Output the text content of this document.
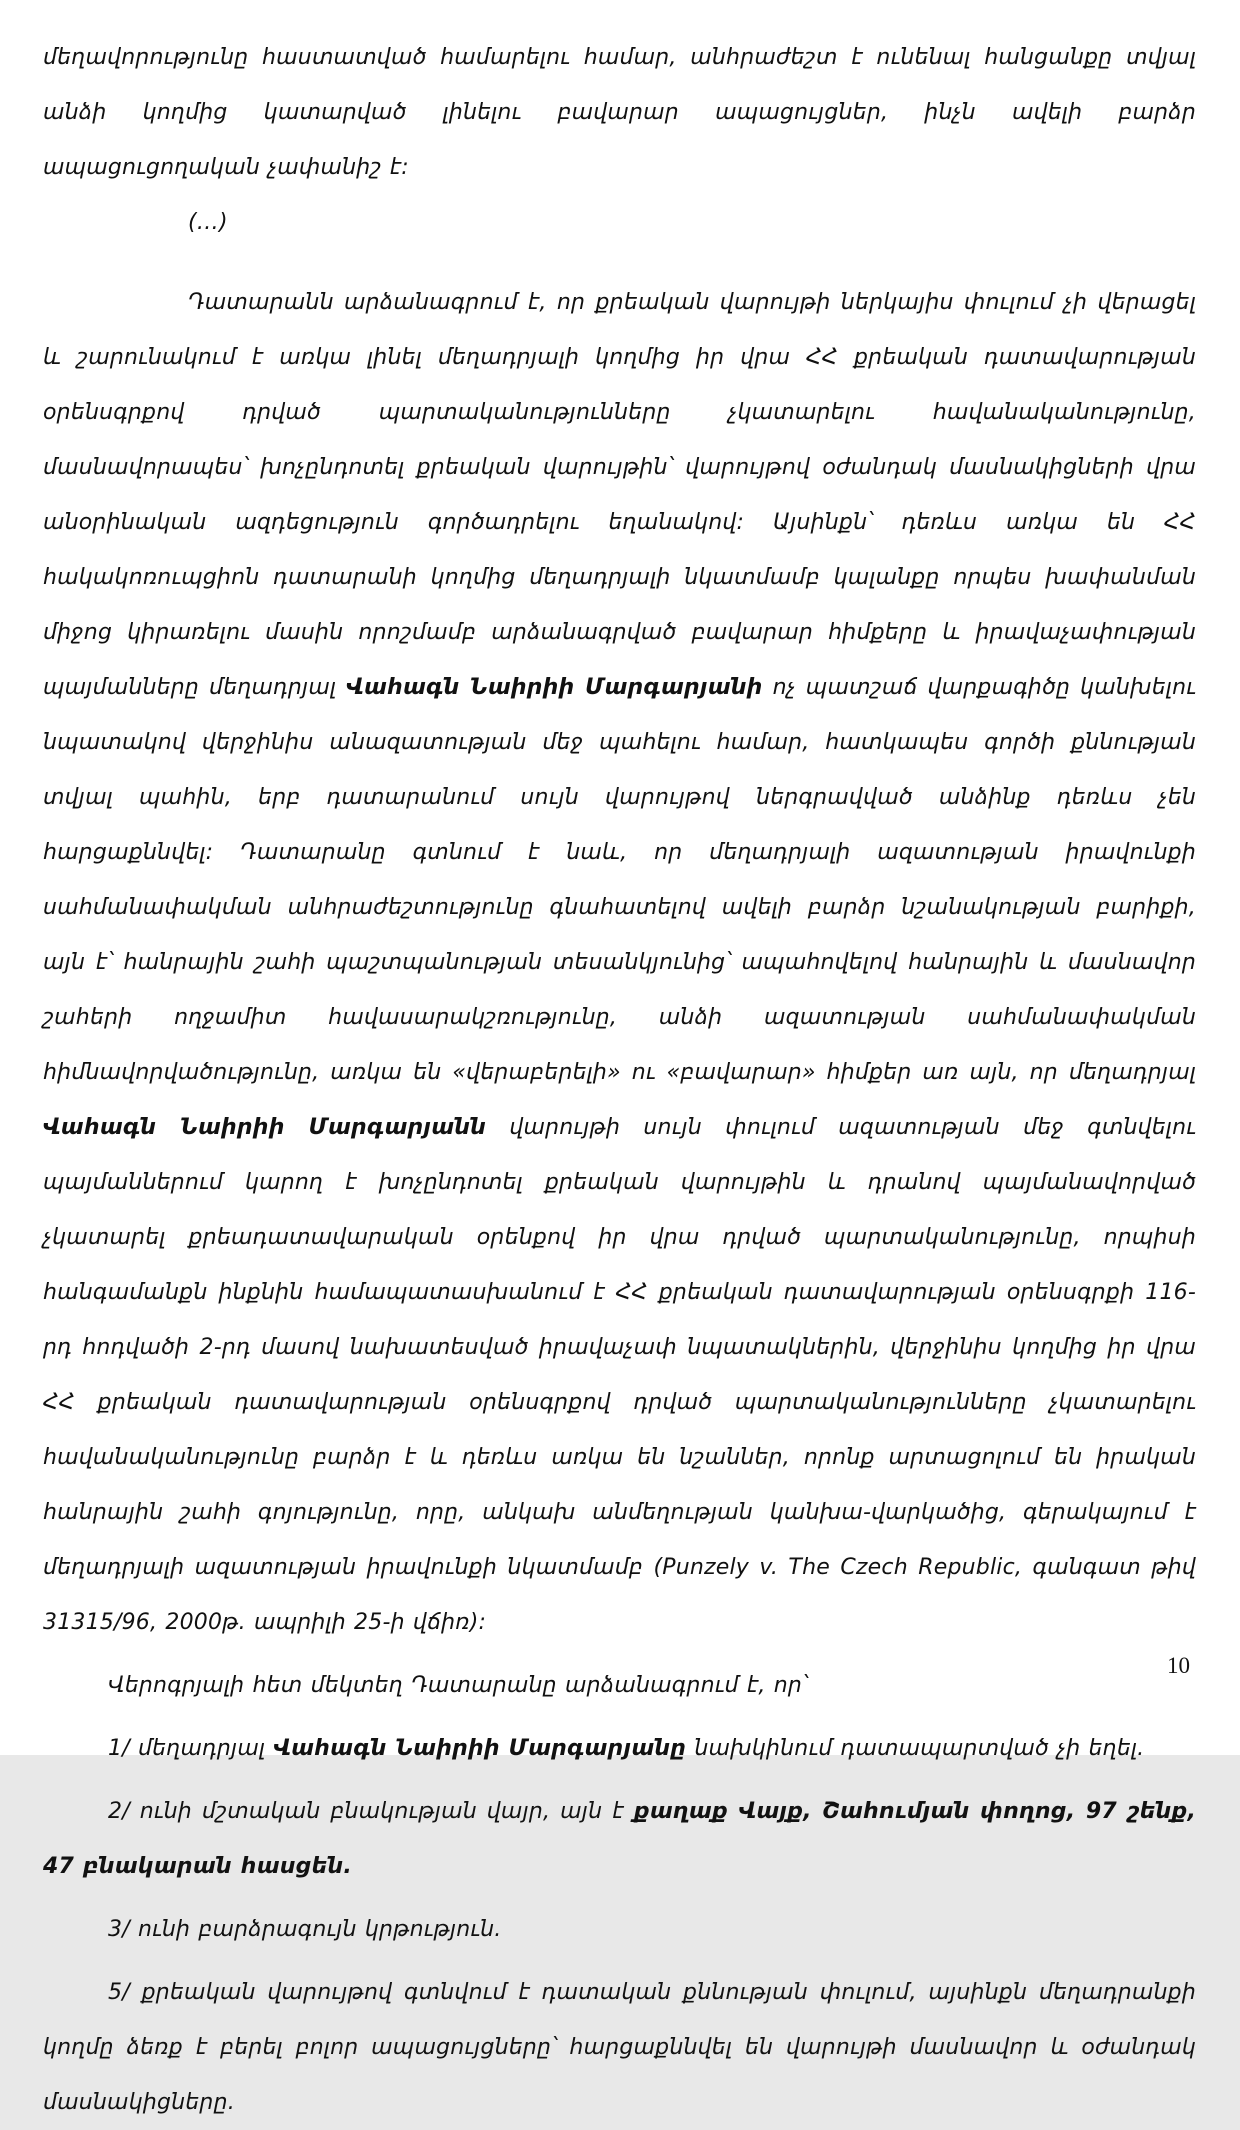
մեղավորությունը հաստատված համարելու համար, անհրաժեշտ է ունենալ հանցանքը տվյալ անձի կողմից կատարված լինելու բավարար ապացույցներ, ինչն ավելի բարձր ապացուցողական չափանիշ է:

(…)

Դատարանն արձանագրում է, որ քրեական վարույթի ներկայիս փուլում չի վերացել և շարունակում է առկա լինել մեղադրյալի կողմից իր վրա ՀՀ քրեական դատավարության օրենսգրքով դրված պարտականությունները չկատարելու հավանականությունը, մասնավորապես՝ խոչընդոտել քրեական վարույթին՝ վարույթով օժանդակ մասնակիցների վրա անօրինական ազդեցություն գործադրելու եղանակով: Այսինքն՝ դեռևս առկա են ՀՀ հակակոռուպցիոն դատարանի կողմից մեղադրյալի նկատմամբ կալանքը որպես խափանման միջոց կիրառելու մասին որոշմամբ արձանագրված բավարար հիմքերը և իրավաչափության պայմանները մեղադրյալ Վահագն Նաիրիի Մարգարյանի ոչ պատշաճ վարքագիծը կանխելու նպատակով վերջինիս անազատության մեջ պահելու համար, հատկապես գործի քննության տվյալ պահին, երբ դատարանում սույն վարույթով ներգրավված անձինք դեռևս չեն հարցաքննվել: Դատարանը գտնում է նաև, որ մեղադրյալի ազատության իրավունքի սահմանափակման անհրաժեշտությունը գնահատելով ավելի բարձր նշանակության բարիքի, այն է՝ հանրային շահի պաշտպանության տեսանկյունից՝ ապահովելով հանրային և մասնավոր շահերի ողջամիտ հավասարակշռությունը, անձի ազատության սահմանափակման հիմնավորվածությունը, առկա են «վերաբերելի» ու «բավարար» հիմքեր առ այն, որ մեղադրյալ Վահագն Նաիրիի Մարգարյանն վարույթի սույն փուլում ազատության մեջ գտնվելու պայմաններում կարող է խոչընդոտել քրեական վարույթին և դրանով պայմանավորված չկատարել քրեադատավարական օրենքով իր վրա դրված պարտականությունը, որպիսի հանգամանքն ինքնին համապատասխանում է ՀՀ քրեական դատավարության օրենսգրքի 116-րդ հոդվածի 2-րդ մասով նախատեսված իրավաչափ նպատակներին, վերջինիս կողմից իր վրա ՀՀ քրեական դատավարության օրենսգրքով դրված պարտականությունները չկատարելու հավանականությունը բարձր է և դեռևս առկա են նշաններ, որոնք արտացոլում են իրական հանրային շահի գոյությունը, որը, անկախ անմեղության կանխա-վարկածից, գերակայում է մեղադրյալի ազատության իրավունքի նկատմամբ (Punzely v. The Czech Republic, գանգատ թիվ 31315/96, 2000թ. ապրիլի 25-ի վճիռ):

Վերոգրյալի հետ մեկտեղ Դատարանը արձանագրում է, որ՝

1/ մեղադրյալ Վահագն Նաիրիի Մարգարյանը նախկինում դատապարտված չի եղել.

2/ ունի մշտական բնակության վայր, այն է քաղաք Վայք, Շահումյան փողոց, 97 շենք, 47 բնակարան հասցեն.

3/ ունի բարձրագույն կրթություն.

5/ քրեական վարույթով գտնվում է դատական քննության փուլում, այսինքն մեղադրանքի կողմը ձեռք է բերել բոլոր ապացույցները՝ հարցաքննվել են վարույթի մասնավոր և օժանդակ մասնակիցները.

10
